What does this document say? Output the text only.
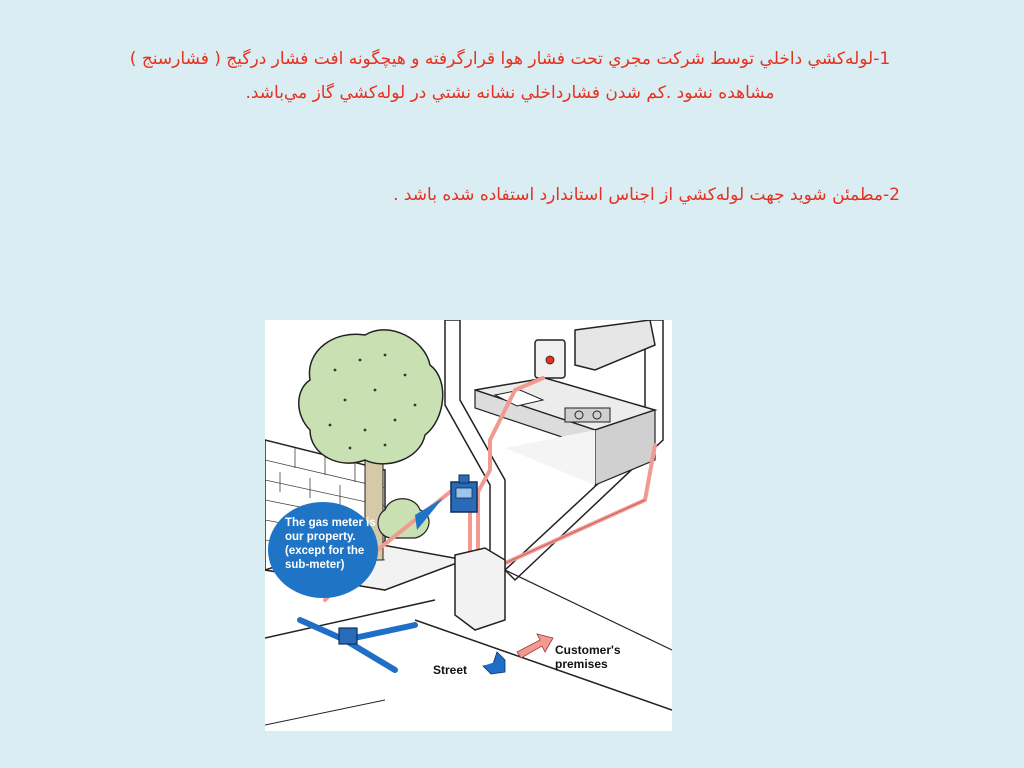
1-لوله‌كشي داخلي توسط شركت مجري تحت فشار هوا قرارگرفته و هيچگونه افت فشار درگيج ( فشارسنج ) مشاهده نشود .كم شدن فشارداخلي نشانه نشتي در لوله‌كشي گاز مي‌باشد.
2-مطمئن شويد جهت لوله‌كشي از اجناس استاندارد استفاده شده باشد .
The gas meter is
our property.
(except for the
sub-meter)
Street
Customer's
premises
